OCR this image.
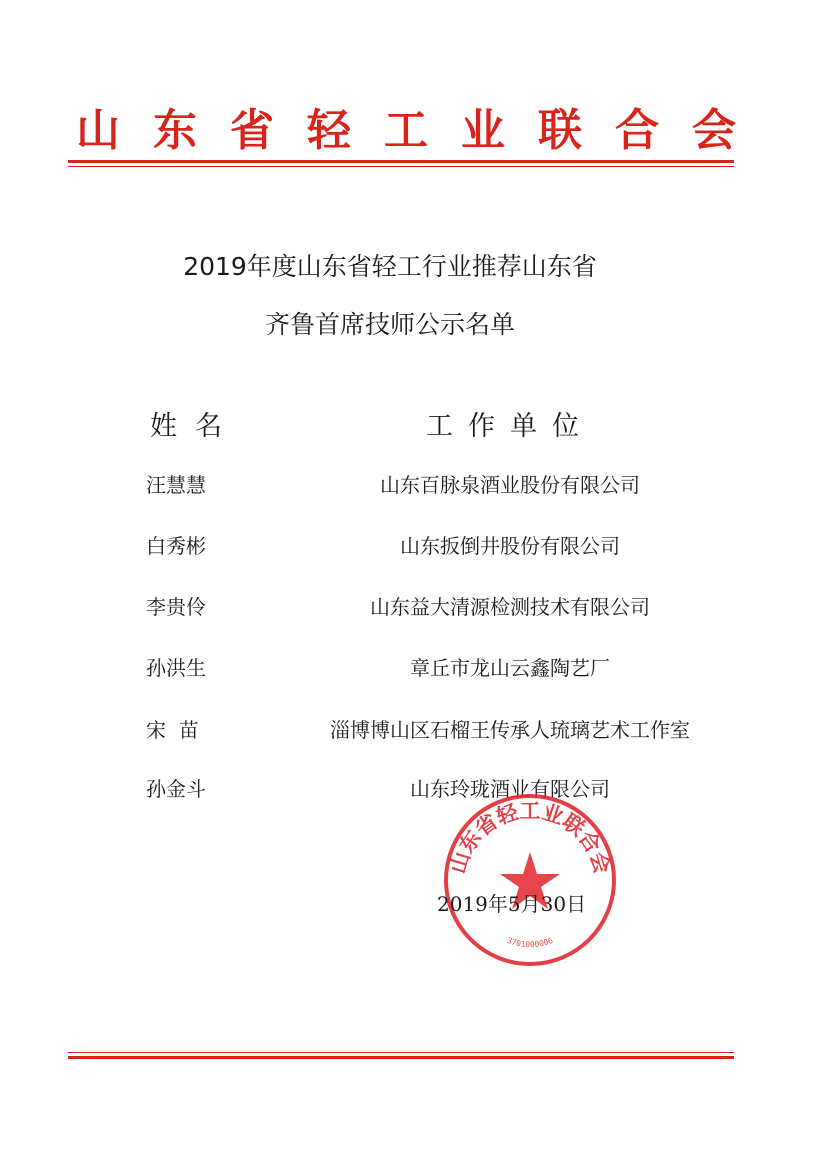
山 东 省 轻 工 业 联 合 会
2019年度山东省轻工行业推荐山东省
齐鲁首席技师公示名单
姓名	工作单位
汪慧慧	山东百脉泉酒业股份有限公司
白秀彬	山东扳倒井股份有限公司
李贵伶	山东益大清源检测技术有限公司
孙洪生	章丘市龙山云鑫陶艺厂
宋  苗	淄博博山区石榴王传承人琉璃艺术工作室
孙金斗	山东玲珑酒业有限公司
山东省轻工业联合会
3701000006
2019年5月30日
